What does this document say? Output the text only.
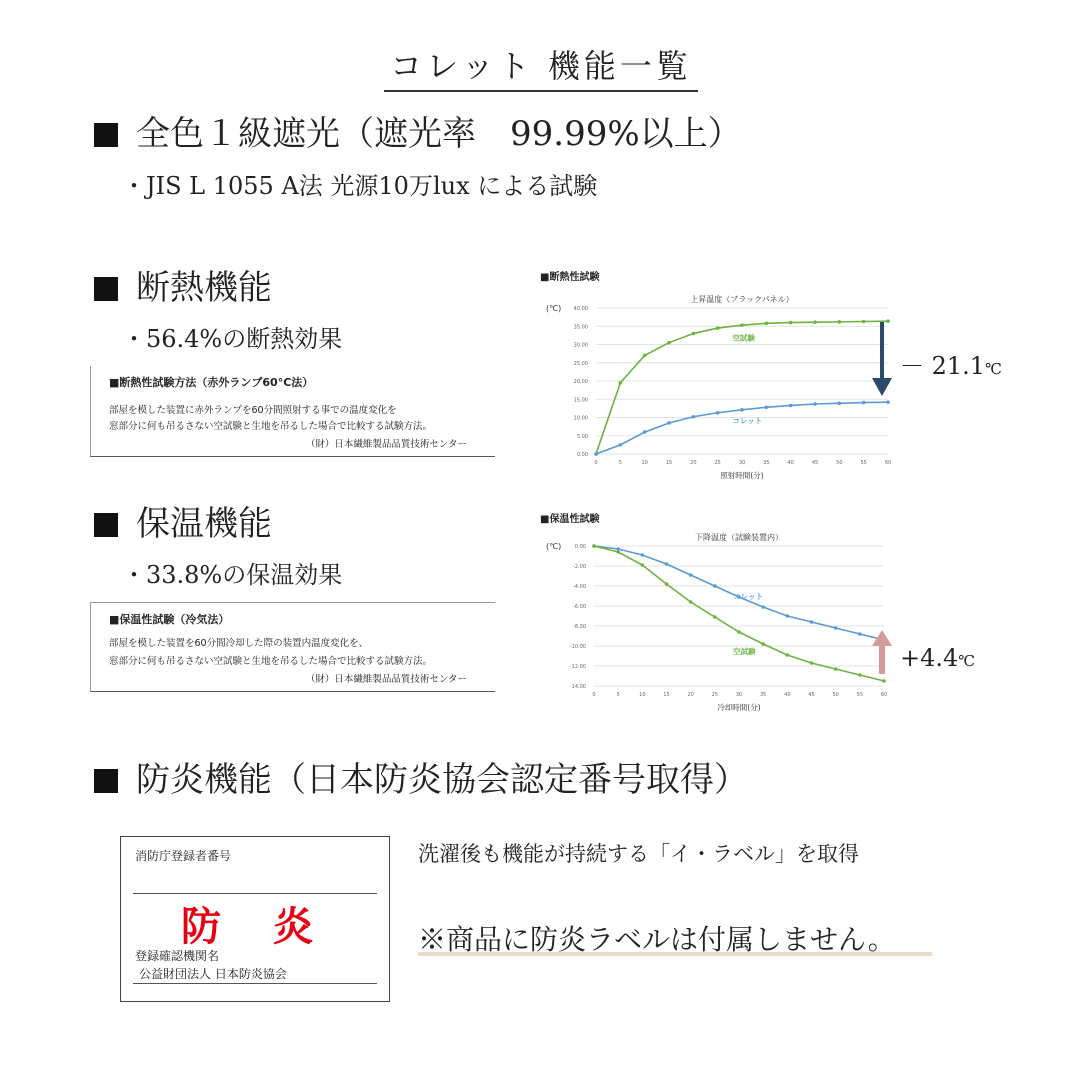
コレット 機能一覧
全色１級遮光（遮光率　99.99%以上）
・JIS L 1055 A法 光源10万lux による試験
断熱機能
・56.4%の断熱効果
■断熱性試験方法（赤外ランプ60°C法）
部屋を模した装置に赤外ランプを60分間照射する事での温度変化を
窓部分に何も吊るさない空試験と生地を吊るした場合で比較する試験方法。
（財）日本繊維製品品質技術センター
■断熱性試験
上昇温度（ブラックパネル）
(℃)
0.00
5.00
10.00
15.00
20.00
25.00
30.00
35.00
40.00
0	5	10	15	20	25	30	35	40	45	50	55	60
照射時間(分)
空試験
コレット
－ 21.1℃
保温機能
・33.8%の保温効果
■保温性試験（冷気法）
部屋を模した装置を60分間冷却した際の装置内温度変化を、
窓部分に何も吊るさない空試験と生地を吊るした場合で比較する試験方法。
（財）日本繊維製品品質技術センター
■保温性試験
下降温度（試験装置内）
(℃)	0.00
-2.00
-4.00
-6.00
-8.00
-10.00
-12.00
-14.00
0	5	10	15	20	25	30	35	40	45	50	55	60
冷却時間(分)
コレット
空試験	+4.4℃
防炎機能（日本防炎協会認定番号取得）
消防庁登録者番号
防　炎
登録確認機関名
公益財団法人 日本防炎協会
洗濯後も機能が持続する「イ・ラベル」を取得
※商品に防炎ラベルは付属しません。
